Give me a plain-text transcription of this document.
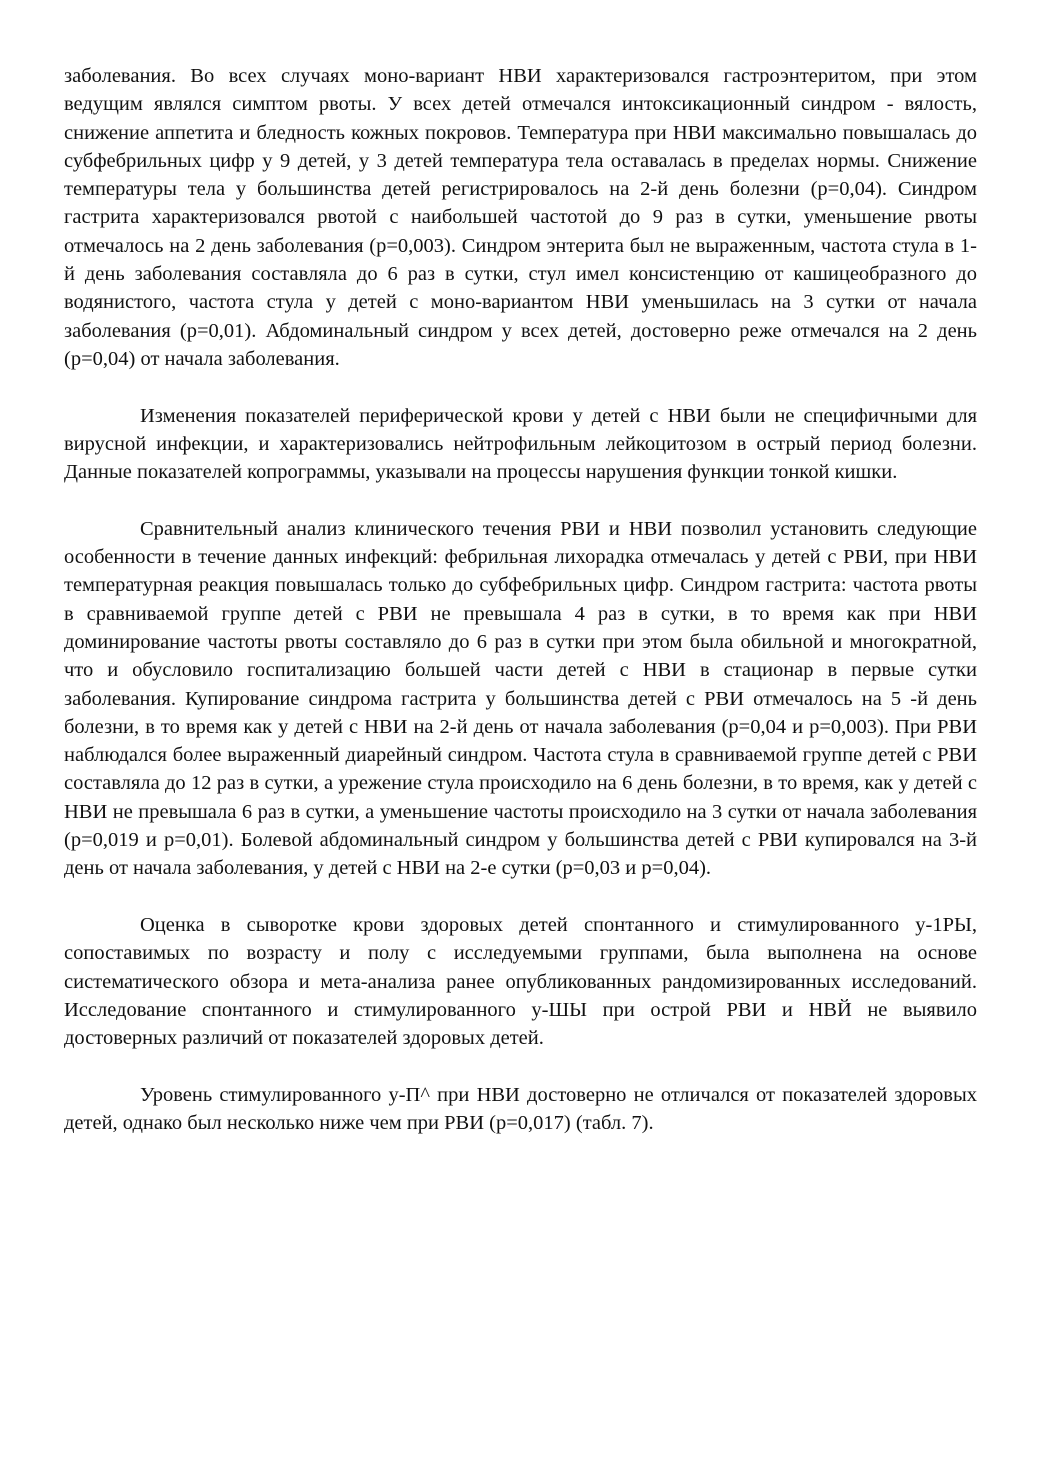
заболевания. Во всех случаях моно-вариант НВИ характеризовался гастроэнтеритом, при этом ведущим являлся симптом рвоты. У всех детей отмечался интоксикационный синдром - вялость, снижение аппетита и бледность кожных покровов. Температура при НВИ максимально повышалась до субфебрильных цифр у 9 детей, у 3 детей температура тела оставалась в пределах нормы. Снижение температуры тела у большинства детей регистрировалось на 2-й день болезни (р=0,04). Синдром гастрита характеризовался рвотой с наибольшей частотой до 9 раз в сутки, уменьшение рвоты отмечалось на 2 день заболевания (р=0,003). Синдром энтерита был не выраженным, частота стула в 1-й день заболевания составляла до 6 раз в сутки, стул имел консистенцию от кашицеобразного до водянистого, частота стула у детей с моно-вариантом НВИ уменьшилась на 3 сутки от начала заболевания (р=0,01). Абдоминальный синдром у всех детей, достоверно реже отмечался на 2 день (р=0,04) от начала заболевания.

Изменения показателей периферической крови у детей с НВИ были не специфичными для вирусной инфекции, и характеризовались нейтрофильным лейкоцитозом в острый период болезни. Данные показателей копрограммы, указывали на процессы нарушения функции тонкой кишки.

Сравнительный анализ клинического течения РВИ и НВИ позволил установить следующие особенности в течение данных инфекций: фебрильная лихорадка отмечалась у детей с РВИ, при НВИ температурная реакция повышалась только до субфебрильных цифр. Синдром гастрита: частота рвоты в сравниваемой группе детей с РВИ не превышала 4 раз в сутки, в то время как при НВИ доминирование частоты рвоты составляло до 6 раз в сутки при этом была обильной и многократной, что и обусловило госпитализацию большей части детей с НВИ в стационар в первые сутки заболевания. Купирование синдрома гастрита у большинства детей с РВИ отмечалось на 5 -й день болезни, в то время как у детей с НВИ на 2-й день от начала заболевания (р=0,04 и р=0,003). При РВИ наблюдался более выраженный диарейный синдром. Частота стула в сравниваемой группе детей с РВИ составляла до 12 раз в сутки, а урежение стула происходило на 6 день болезни, в то время, как у детей с НВИ не превышала 6 раз в сутки, а уменьшение частоты происходило на 3 сутки от начала заболевания (р=0,019 и р=0,01). Болевой абдоминальный синдром у большинства детей с РВИ купировался на 3-й день от начала заболевания, у детей с НВИ на 2-е сутки (р=0,03 и р=0,04).

Оценка в сыворотке крови здоровых детей спонтанного и стимулированного у-1РЫ, сопоставимых по возрасту и полу с исследуемыми группами, была выполнена на основе систематического обзора и мета-анализа ранее опубликованных рандомизированных исследований. Исследование спонтанного и стимулированного у-ШЫ при острой РВИ и НВЙ не выявило достоверных различий от показателей здоровых детей.

Уровень стимулированного у-П^ при НВИ достоверно не отличался от показателей здоровых детей, однако был несколько ниже чем при РВИ (р=0,017) (табл. 7).
